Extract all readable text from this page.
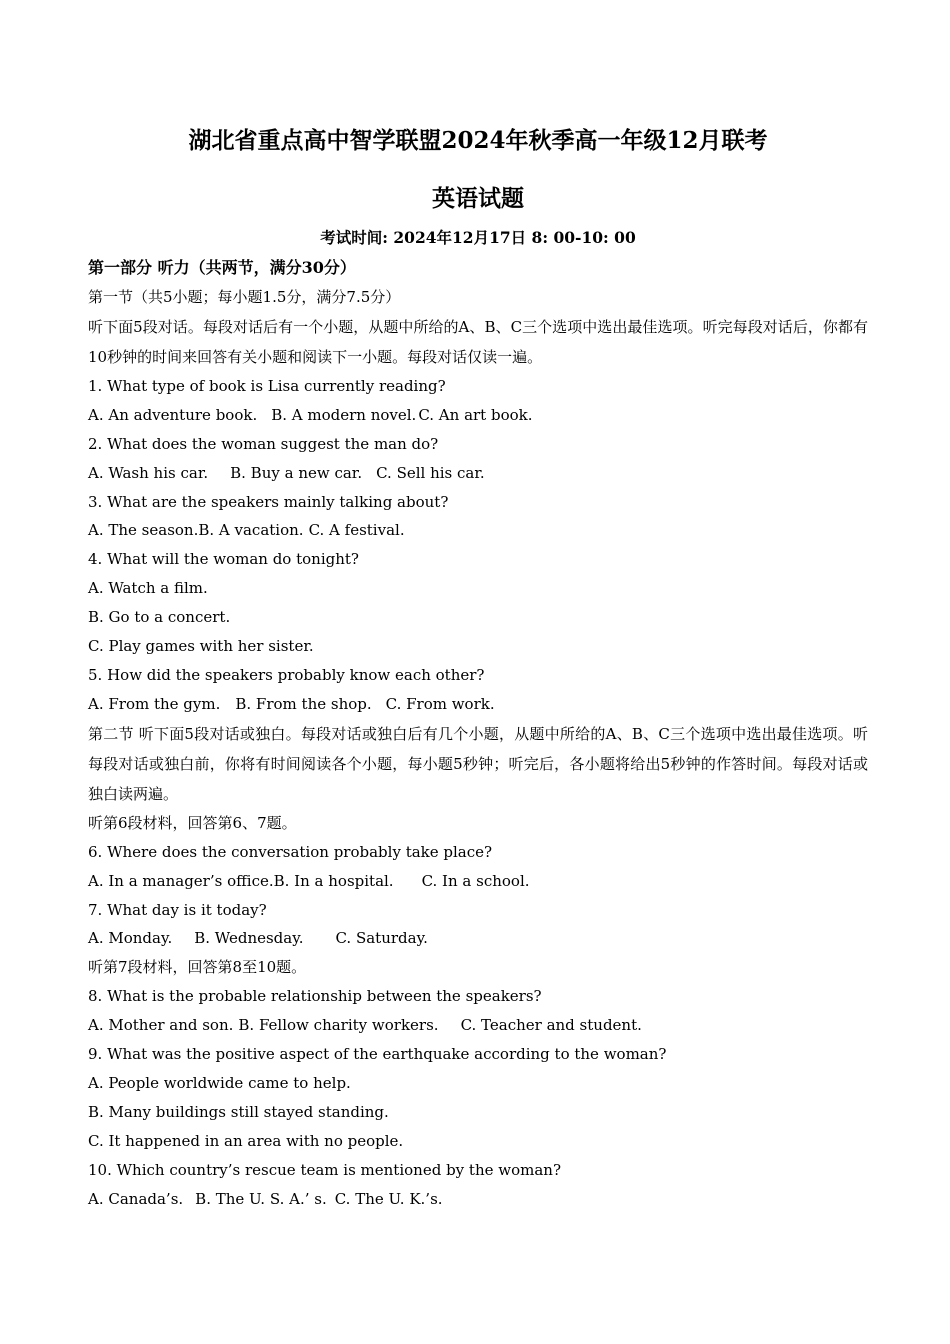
湖北省重点高中智学联盟2024年秋季高一年级12月联考
英语试题
考试时间: 2024年12月17日 8: 00-10: 00
第一部分 听力（共两节，满分30分）
第一节（共5小题；每小题1.5分，满分7.5分）
听下面5段对话。每段对话后有一个小题，从题中所给的A、B、C三个选项中选出最佳选项。听完每段对话后，你都有10秒钟的时间来回答有关小题和阅读下一小题。每段对话仅读一遍。
1. What type of book is Lisa currently reading?
A. An adventure book. B. A modern novel. C. An art book.
2. What does the woman suggest the man do?
A. Wash his car. B. Buy a new car. C. Sell his car.
3. What are the speakers mainly talking about?
A. The season.B. A vacation. C. A festival.
4. What will the woman do tonight?
A. Watch a film.
B. Go to a concert.
C. Play games with her sister.
5. How did the speakers probably know each other?
A. From the gym. B. From the shop. C. From work.
第二节 听下面5段对话或独白。每段对话或独白后有几个小题，从题中所给的A、B、C三个选项中选出最佳选项。听每段对话或独白前，你将有时间阅读各个小题，每小题5秒钟；听完后，各小题将给出5秒钟的作答时间。每段对话或独白读两遍。
听第6段材料，回答第6、7题。
6. Where does the conversation probably take place?
A. In a manager’s office.B. In a hospital. C. In a school.
7. What day is it today?
A. Monday. B. Wednesday. C. Saturday.
听第7段材料，回答第8至10题。
8. What is the probable relationship between the speakers?
A. Mother and son. B. Fellow charity workers. C. Teacher and student.
9. What was the positive aspect of the earthquake according to the woman?
A. People worldwide came to help.
B. Many buildings still stayed standing.
C. It happened in an area with no people.
10. Which country’s rescue team is mentioned by the woman?
A. Canada’s. B. The U. S. A.’ s. C. The U. K.’s.
